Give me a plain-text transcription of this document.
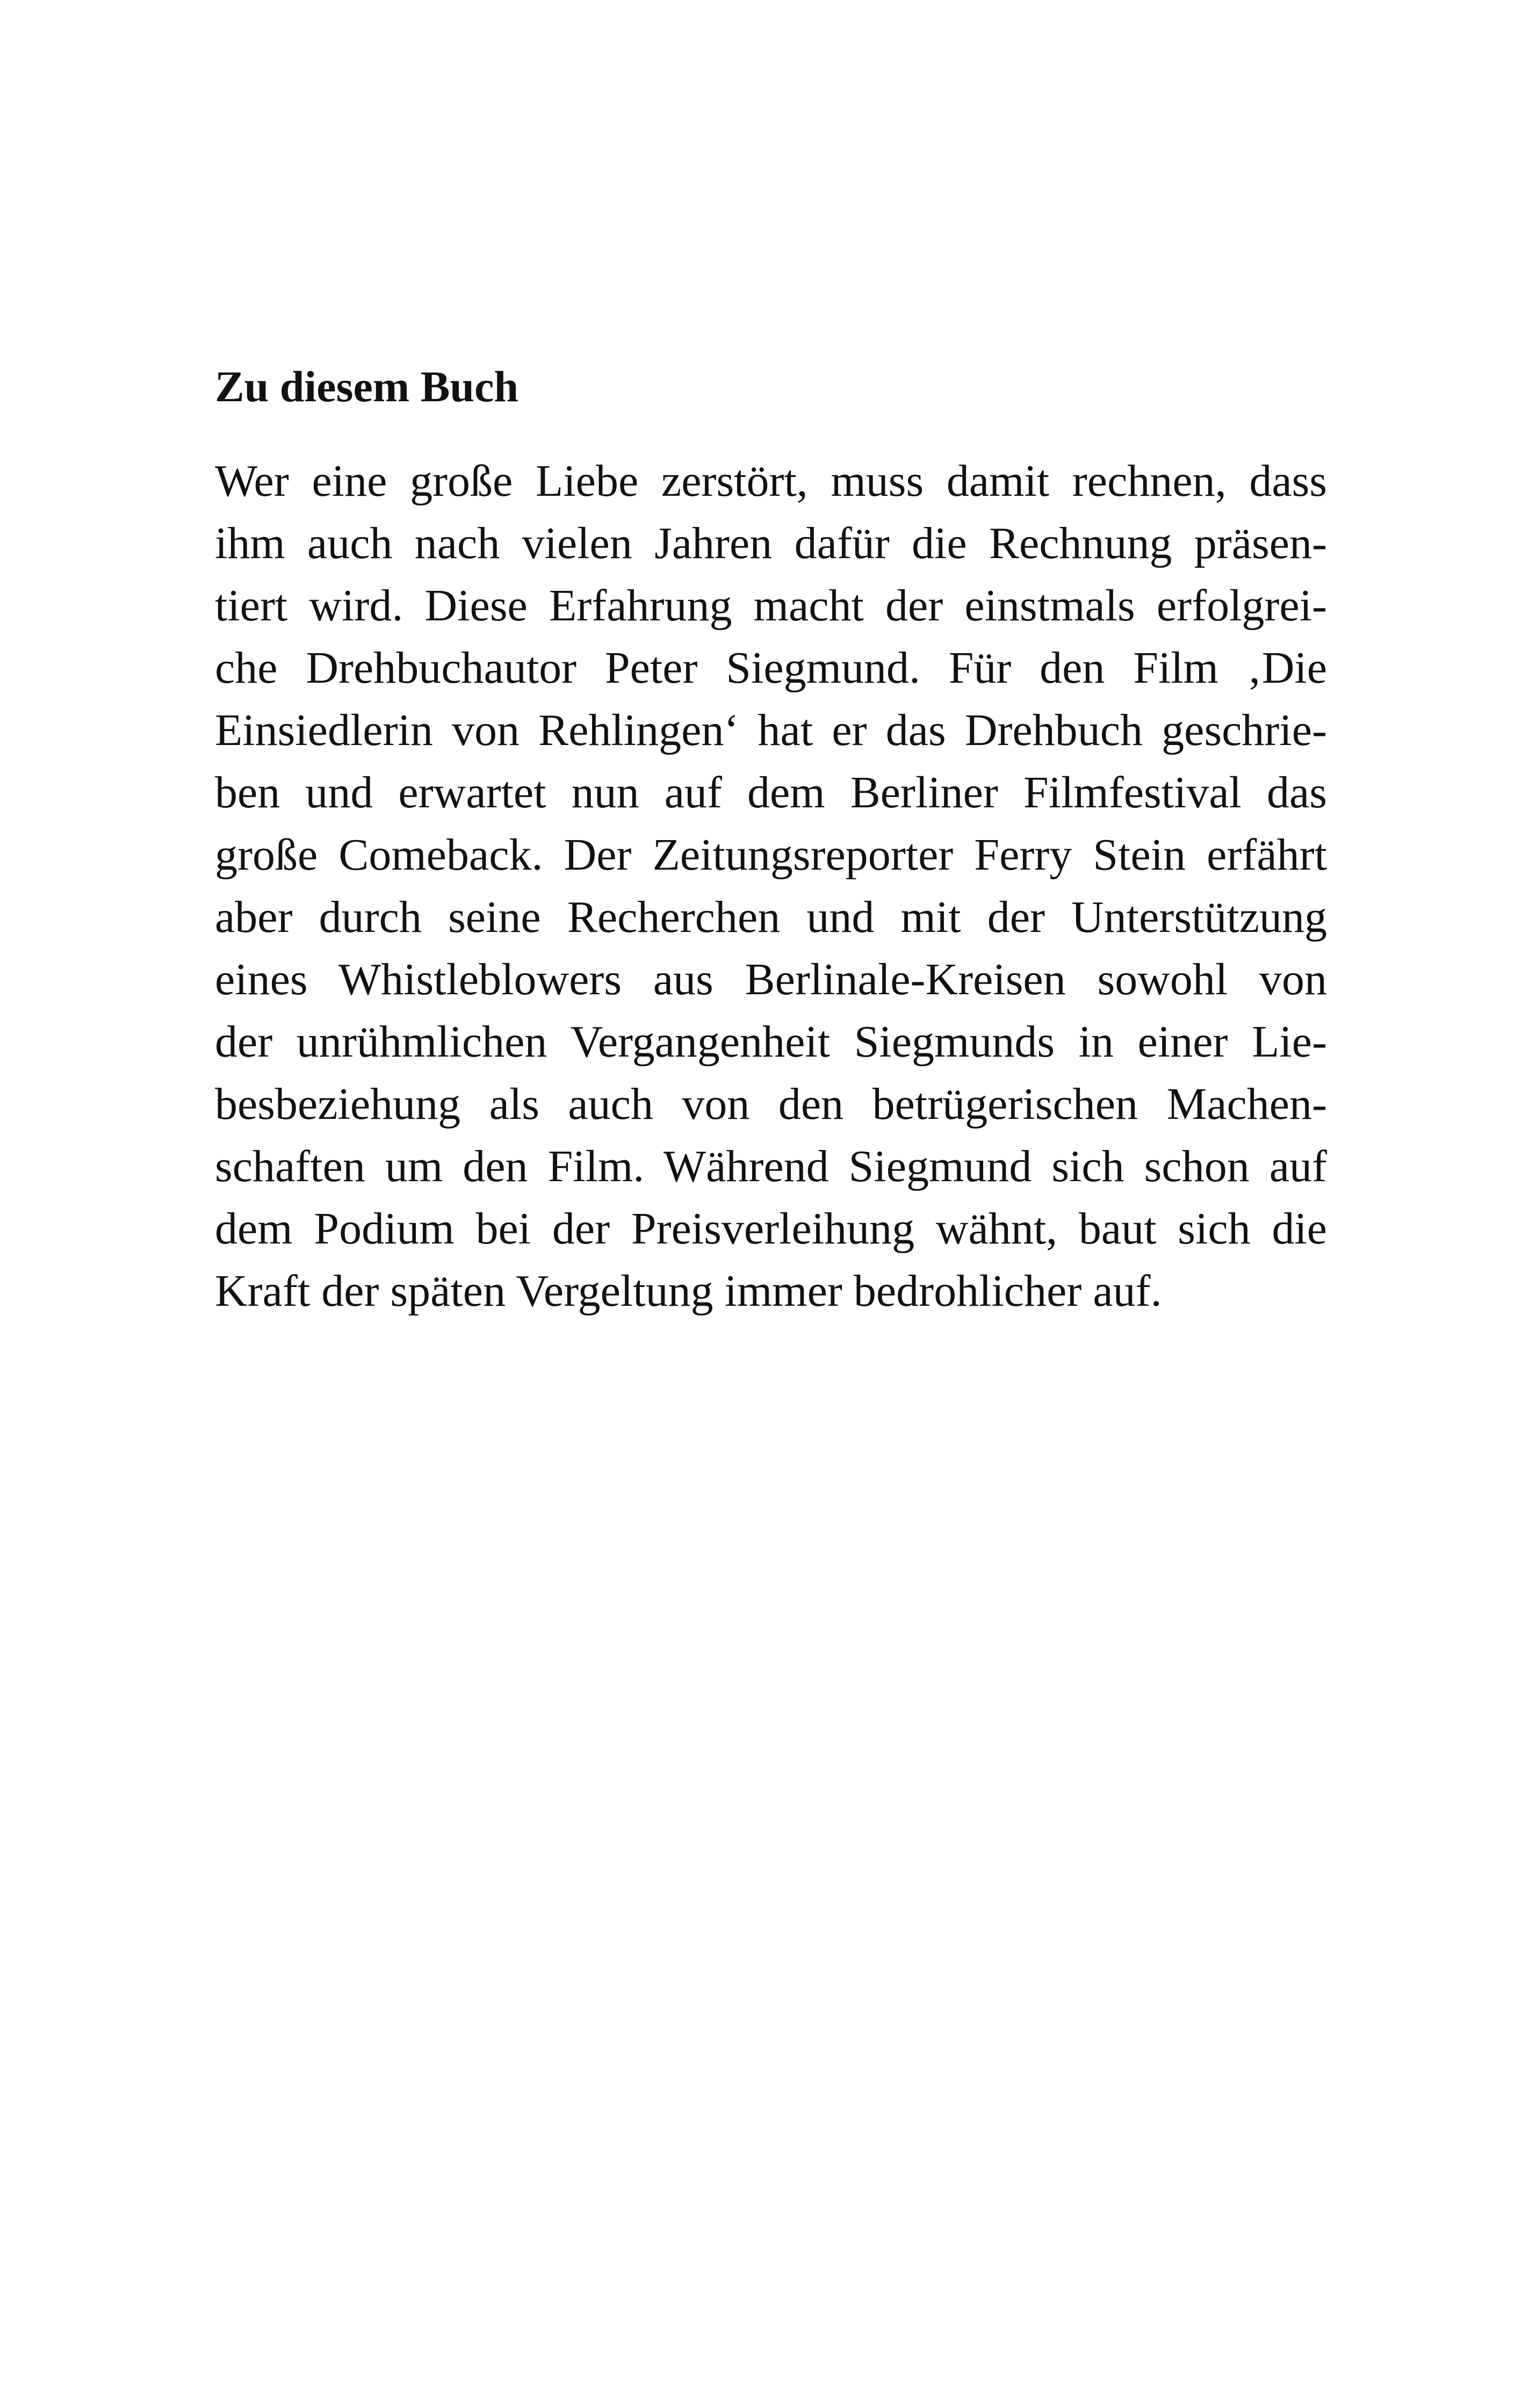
Zu diesem Buch
Wer eine große Liebe zerstört, muss damit rechnen, dass
ihm auch nach vielen Jahren dafür die Rechnung präsen-
tiert wird. Diese Erfahrung macht der einstmals erfolgrei-
che Drehbuchautor Peter Siegmund. Für den Film ‚Die
Einsiedlerin von Rehlingen‘ hat er das Drehbuch geschrie-
ben und erwartet nun auf dem Berliner Filmfestival das
große Comeback. Der Zeitungsreporter Ferry Stein erfährt
aber durch seine Recherchen und mit der Unterstützung
eines Whistleblowers aus Berlinale-Kreisen sowohl von
der unrühmlichen Vergangenheit Siegmunds in einer Lie-
besbeziehung als auch von den betrügerischen Machen-
schaften um den Film. Während Siegmund sich schon auf
dem Podium bei der Preisverleihung wähnt, baut sich die
Kraft der späten Vergeltung immer bedrohlicher auf.
